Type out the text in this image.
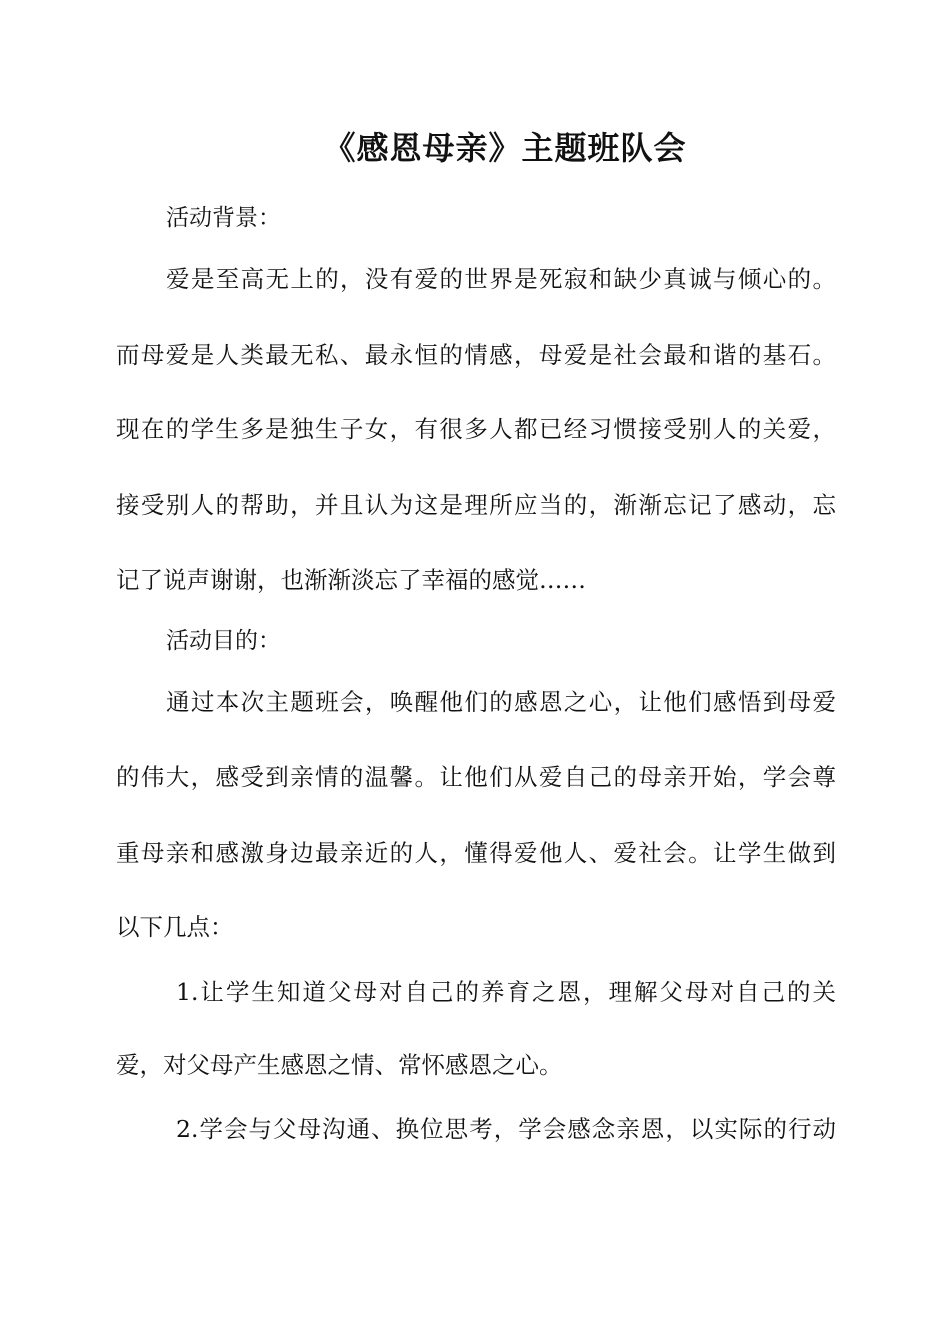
《感恩母亲》主题班队会
活动背景：
爱是至高无上的，没有爱的世界是死寂和缺少真诚与倾心的。
而母爱是人类最无私、最永恒的情感，母爱是社会最和谐的基石。
现在的学生多是独生子女，有很多人都已经习惯接受别人的关爱，
接受别人的帮助，并且认为这是理所应当的，渐渐忘记了感动，忘
记了说声谢谢，也渐渐淡忘了幸福的感觉……
活动目的：
通过本次主题班会，唤醒他们的感恩之心，让他们感悟到母爱
的伟大，感受到亲情的温馨。让他们从爱自己的母亲开始，学会尊
重母亲和感激身边最亲近的人，懂得爱他人、爱社会。让学生做到
以下几点：
1.让学生知道父母对自己的养育之恩，理解父母对自己的关
爱，对父母产生感恩之情、常怀感恩之心。
2.学会与父母沟通、换位思考，学会感念亲恩，以实际的行动
